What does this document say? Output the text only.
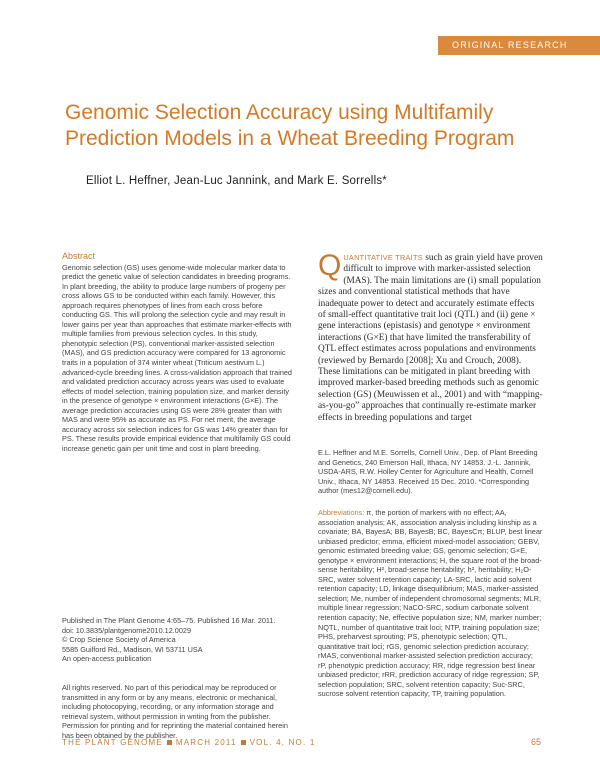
ORIGINAL RESEARCH
Genomic Selection Accuracy using Multifamily
Prediction Models in a Wheat Breeding Program
Elliot L. Heffner, Jean-Luc Jannink, and Mark E. Sorrells*
Abstract

Genomic selection (GS) uses genome-wide molecular marker data to predict the genetic value of selection candidates in breeding programs. In plant breeding, the ability to produce large numbers of progeny per cross allows GS to be conducted within each family. However, this approach requires phenotypes of lines from each cross before conducting GS. This will prolong the selection cycle and may result in lower gains per year than approaches that estimate marker-effects with multiple families from previous selection cycles. In this study, phenotypic selection (PS), conventional marker-assisted selection (MAS), and GS prediction accuracy were compared for 13 agronomic traits in a population of 374 winter wheat (Triticum aestivum L.) advanced-cycle breeding lines. A cross-validation approach that trained and validated prediction accuracy across years was used to evaluate effects of model selection, training population size, and marker density in the presence of genotype × environment interactions (G×E). The average prediction accuracies using GS were 28% greater than with MAS and were 95% as accurate as PS. For net merit, the average accuracy across six selection indices for GS was 14% greater than for PS. These results provide empirical evidence that multifamily GS could increase genetic gain per unit time and cost in plant breeding.

Published in The Plant Genome 4:65–75. Published 16 Mar. 2011.
doi: 10.3835/plantgenome2010.12.0029
© Crop Science Society of America
5585 Guilford Rd., Madison, WI 53711 USA
An open-access publication

All rights reserved. No part of this periodical may be reproduced or transmitted in any form or by any means, electronic or mechanical, including photocopying, recording, or any information storage and retrieval system, without permission in writing from the publisher. Permission for printing and for reprinting the material contained herein has been obtained by the publisher.

QUANTITATIVE TRAITS such as grain yield have proven difficult to improve with marker-assisted selection (MAS). The main limitations are (i) small population sizes and conventional statistical methods that have inadequate power to detect and accurately estimate effects of small-effect quantitative trait loci (QTL) and (ii) gene × gene interactions (epistasis) and genotype × environment interactions (G×E) that have limited the transferability of QTL effect estimates across populations and environments (reviewed by Bernardo [2008]; Xu and Crouch, 2008). These limitations can be mitigated in plant breeding with improved marker-based breeding methods such as genomic selection (GS) (Meuwissen et al., 2001) and with “mapping-as-you-go” approaches that continually re-estimate marker effects in breeding populations and target

E.L. Heffner and M.E. Sorrells, Cornell Univ., Dep. of Plant Breeding and Genetics, 240 Emerson Hall, Ithaca, NY 14853. J.-L. Jannink, USDA-ARS, R.W. Holley Center for Agriculture and Health, Cornell Univ., Ithaca, NY 14853. Received 15 Dec. 2010. *Corresponding author (mes12@cornell.edu).

Abbreviations: π, the portion of markers with no effect; AA, association analysis; AK, association analysis including kinship as a covariate; BA, BayesA; BB, BayesB; BC, BayesCπ; BLUP, best linear unbiased predictor; emma, efficient mixed-model association; GEBV, genomic estimated breeding value; GS, genomic selection; G×E, genotype × environment interactions; H, the square root of the broad-sense heritability; H², broad-sense heritability; h², heritability; H₂O-SRC, water solvent retention capacity; LA-SRC, lactic acid solvent retention capacity; LD, linkage disequilibrium; MAS, marker-assisted selection; Me, number of independent chromosomal segments; MLR, multiple linear regression; NaCO-SRC, sodium carbonate solvent retention capacity; Ne, effective population size; NM, marker number; NQTL, number of quantitative trait loci; NTP, training population size; PHS, preharvest sprouting; PS, phenotypic selection; QTL, quantitative trait loci; rGS, genomic selection prediction accuracy; rMAS, conventional marker-assisted selection prediction accuracy; rP, phenotypic prediction accuracy; RR, ridge regression best linear unbiased predictor; rRR, prediction accuracy of ridge regression; SP, selection population; SRC, solvent retention capacity; Suc-SRC, sucrose solvent retention capacity; TP, training population.

THE PLANT GENOME MARCH 2011 VOL. 4, NO. 1	65
